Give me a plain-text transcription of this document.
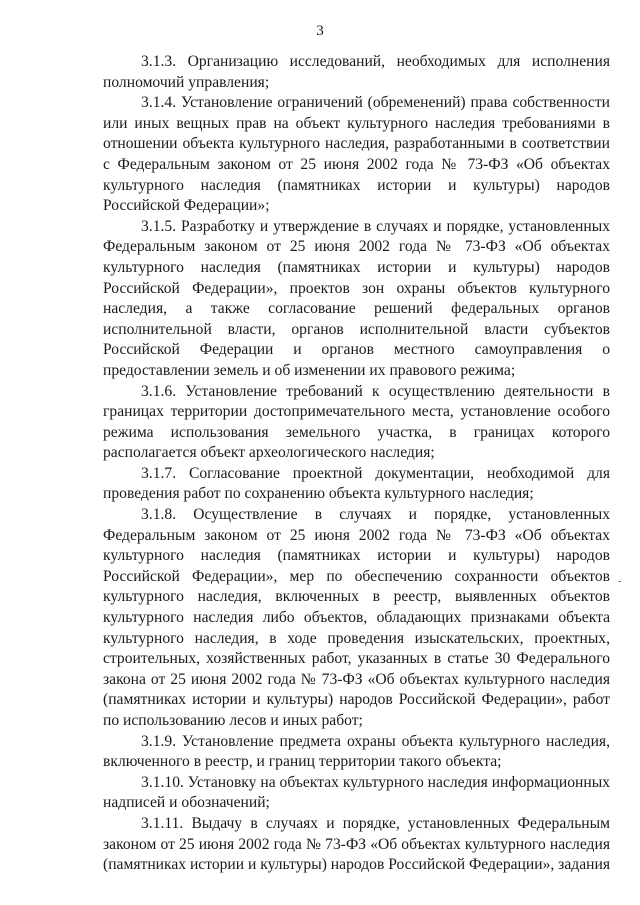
3

3.1.3. Организацию исследований, необходимых для исполнения полномочий управления;

3.1.4. Установление ограничений (обременений) права собственности или иных вещных прав на объект культурного наследия требованиями в отношении объекта культурного наследия, разработанными в соответствии с Федеральным законом от 25 июня 2002 года № 73-ФЗ «Об объектах культурного наследия (памятниках истории и культуры) народов Российской Федерации»;

3.1.5. Разработку и утверждение в случаях и порядке, установленных Федеральным законом от 25 июня 2002 года № 73-ФЗ «Об объектах культурного наследия (памятниках истории и культуры) народов Российской Федерации», проектов зон охраны объектов культурного наследия, а также согласование решений федеральных органов исполнительной власти, органов исполнительной власти субъектов Российской Федерации и органов местного самоуправления о предоставлении земель и об изменении их правового режима;

3.1.6. Установление требований к осуществлению деятельности в границах территории достопримечательного места, установление особого режима использования земельного участка, в границах которого располагается объект археологического наследия;

3.1.7. Согласование проектной документации, необходимой для проведения работ по сохранению объекта культурного наследия;

3.1.8. Осуществление в случаях и порядке, установленных Федеральным законом от 25 июня 2002 года № 73-ФЗ «Об объектах культурного наследия (памятниках истории и культуры) народов Российской Федерации», мер по обеспечению сохранности объектов культурного наследия, включенных в реестр, выявленных объектов культурного наследия либо объектов, обладающих признаками объекта культурного наследия, в ходе проведения изыскательских, проектных, строительных, хозяйственных работ, указанных в статье 30 Федерального закона от 25 июня 2002 года № 73-ФЗ «Об объектах культурного наследия (памятниках истории и культуры) народов Российской Федерации», работ по использованию лесов и иных работ;

3.1.9. Установление предмета охраны объекта культурного наследия, включенного в реестр, и границ территории такого объекта;

3.1.10. Установку на объектах культурного наследия информационных надписей и обозначений;

3.1.11. Выдачу в случаях и порядке, установленных Федеральным законом от 25 июня 2002 года № 73-ФЗ «Об объектах культурного наследия (памятниках истории и культуры) народов Российской Федерации», задания

-
